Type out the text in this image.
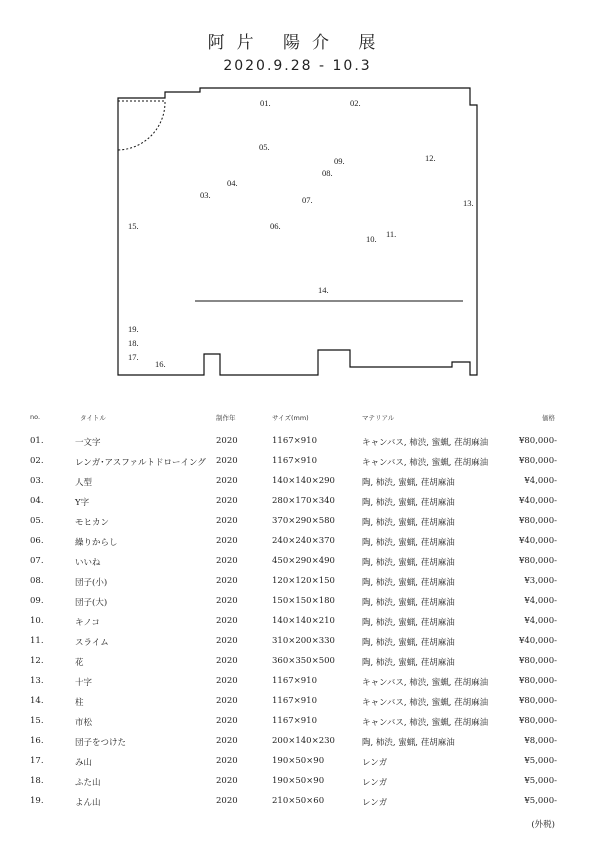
阿片 陽介 展
2020.9.28 - 10.3
01.	02.
03.
04.
05.
06.
07.
08.
09.
10. 11.
12.
13.
14.
15.
16.
17.
18.
19.
no.	タイトル	制作年	サイズ(mm)	マテリアル	価格
01.	一文字	2020	1167×910	キャンバス, 柿渋, 蜜蝋, 荏胡麻油	¥80,000-
02.	レンガ･アスファルトドローイング 2020	1167×910	キャンバス, 柿渋, 蜜蝋, 荏胡麻油	¥80,000-
03.	人型	2020	140×140×290	陶, 柿渋, 蜜蝋, 荏胡麻油	¥4,000-
04.	Y字	2020	280×170×340	陶, 柿渋, 蜜蝋, 荏胡麻油	¥40,000-
05.	モヒカン	2020	370×290×580	陶, 柿渋, 蜜蝋, 荏胡麻油	¥80,000-
06.	繰りからし	2020	240×240×370	陶, 柿渋, 蜜蝋, 荏胡麻油	¥40,000-
07.	いいね	2020	450×290×490	陶, 柿渋, 蜜蝋, 荏胡麻油	¥80,000-
08.	団子(小)	2020	120×120×150	陶, 柿渋, 蜜蝋, 荏胡麻油	¥3,000-
09.	団子(大)	2020	150×150×180	陶, 柿渋, 蜜蝋, 荏胡麻油	¥4,000-
10.	キノコ	2020	140×140×210	陶, 柿渋, 蜜蝋, 荏胡麻油	¥4,000-
11.	スライム	2020	310×200×330	陶, 柿渋, 蜜蝋, 荏胡麻油	¥40,000-
12.	花	2020	360×350×500	陶, 柿渋, 蜜蝋, 荏胡麻油	¥80,000-
13.	十字	2020	1167×910	キャンバス, 柿渋, 蜜蝋, 荏胡麻油	¥80,000-
14.	柱	2020	1167×910	キャンバス, 柿渋, 蜜蝋, 荏胡麻油	¥80,000-
15.	市松	2020	1167×910	キャンバス, 柿渋, 蜜蝋, 荏胡麻油	¥80,000-
16.	団子をつけた	2020	200×140×230	陶, 柿渋, 蜜蝋, 荏胡麻油	¥8,000-
17.	み山	2020	190×50×90	レンガ	¥5,000-
18.	ふた山	2020	190×50×90	レンガ	¥5,000-
19.	よん山	2020	210×50×60	レンガ	¥5,000-
(外税)
